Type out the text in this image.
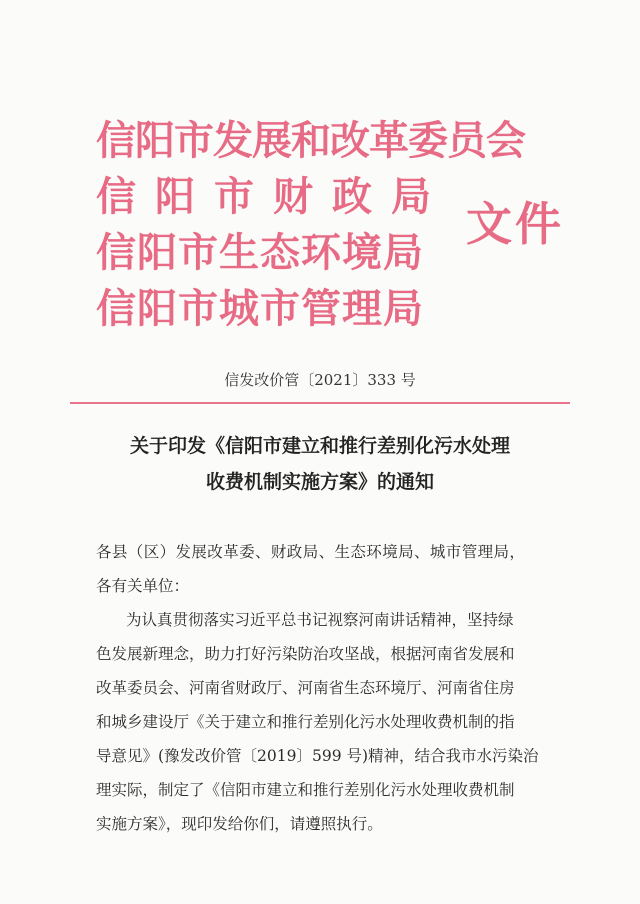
信阳市发展和改革委员会
信阳市财政局
信阳市生态环境局
信阳市城市管理局
文件
信发改价管〔2021〕333 号
关于印发《信阳市建立和推行差别化污水处理
收费机制实施方案》的通知
各县（区）发展改革委、财政局、生态环境局、城市管理局，
各有关单位：
为认真贯彻落实习近平总书记视察河南讲话精神，坚持绿
色发展新理念，助力打好污染防治攻坚战，根据河南省发展和
改革委员会、河南省财政厅、河南省生态环境厅、河南省住房
和城乡建设厅《关于建立和推行差别化污水处理收费机制的指
导意见》(豫发改价管〔2019〕599 号)精神，结合我市水污染治
理实际，制定了《信阳市建立和推行差别化污水处理收费机制
实施方案》，现印发给你们，请遵照执行。
